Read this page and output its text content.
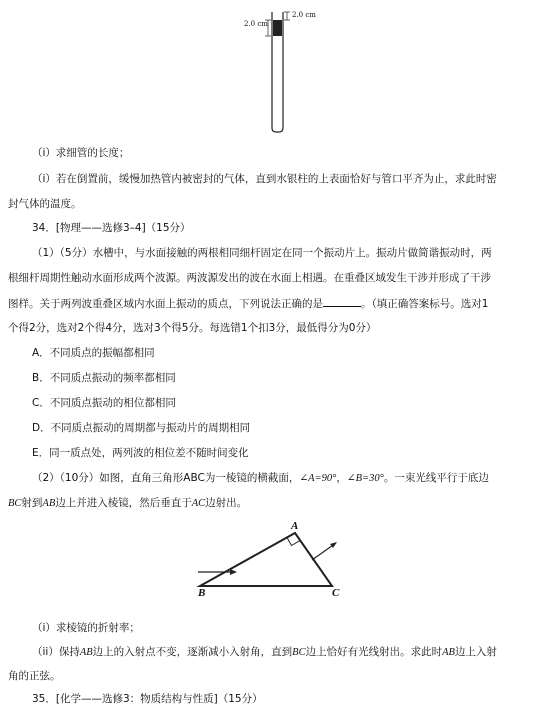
2.0 cm
2.0 cm
（i）求细管的长度；
（i）若在倒置前，缓慢加热管内被密封的气体，直到水银柱的上表面恰好与管口平齐为止，求此时密
封气体的温度。
34．[物理——选修3–4]（15分）
（1）（5分）水槽中，与水面接触的两根相同细杆固定在同一个振动片上。振动片做简谐振动时，两
根细杆周期性触动水面形成两个波源。两波源发出的波在水面上相遇。在重叠区域发生干涉并形成了干涉
图样。关于两列波重叠区域内水面上振动的质点，下列说法正确的是	。（填正确答案标号。选对1
个得2分，选对2个得4分，选对3个得5分。每选错1个扣3分，最低得分为0分）
A．不同质点的振幅都相同
B．不同质点振动的频率都相同
C．不同质点振动的相位都相同
D．不同质点振动的周期都与振动片的周期相同
E．同一质点处，两列波的相位差不随时间变化
（2）（10分）如图，直角三角形ABC为一棱镜的横截面，∠A=90°，∠B=30°。一束光线平行于底边
BC射到AB边上并进入棱镜，然后垂直于AC边射出。
A
B	C
（i）求棱镜的折射率；
（ii）保持AB边上的入射点不变，逐渐减小入射角，直到BC边上恰好有光线射出。求此时AB边上入射
角的正弦。
35．[化学——选修3：物质结构与性质]（15分）
